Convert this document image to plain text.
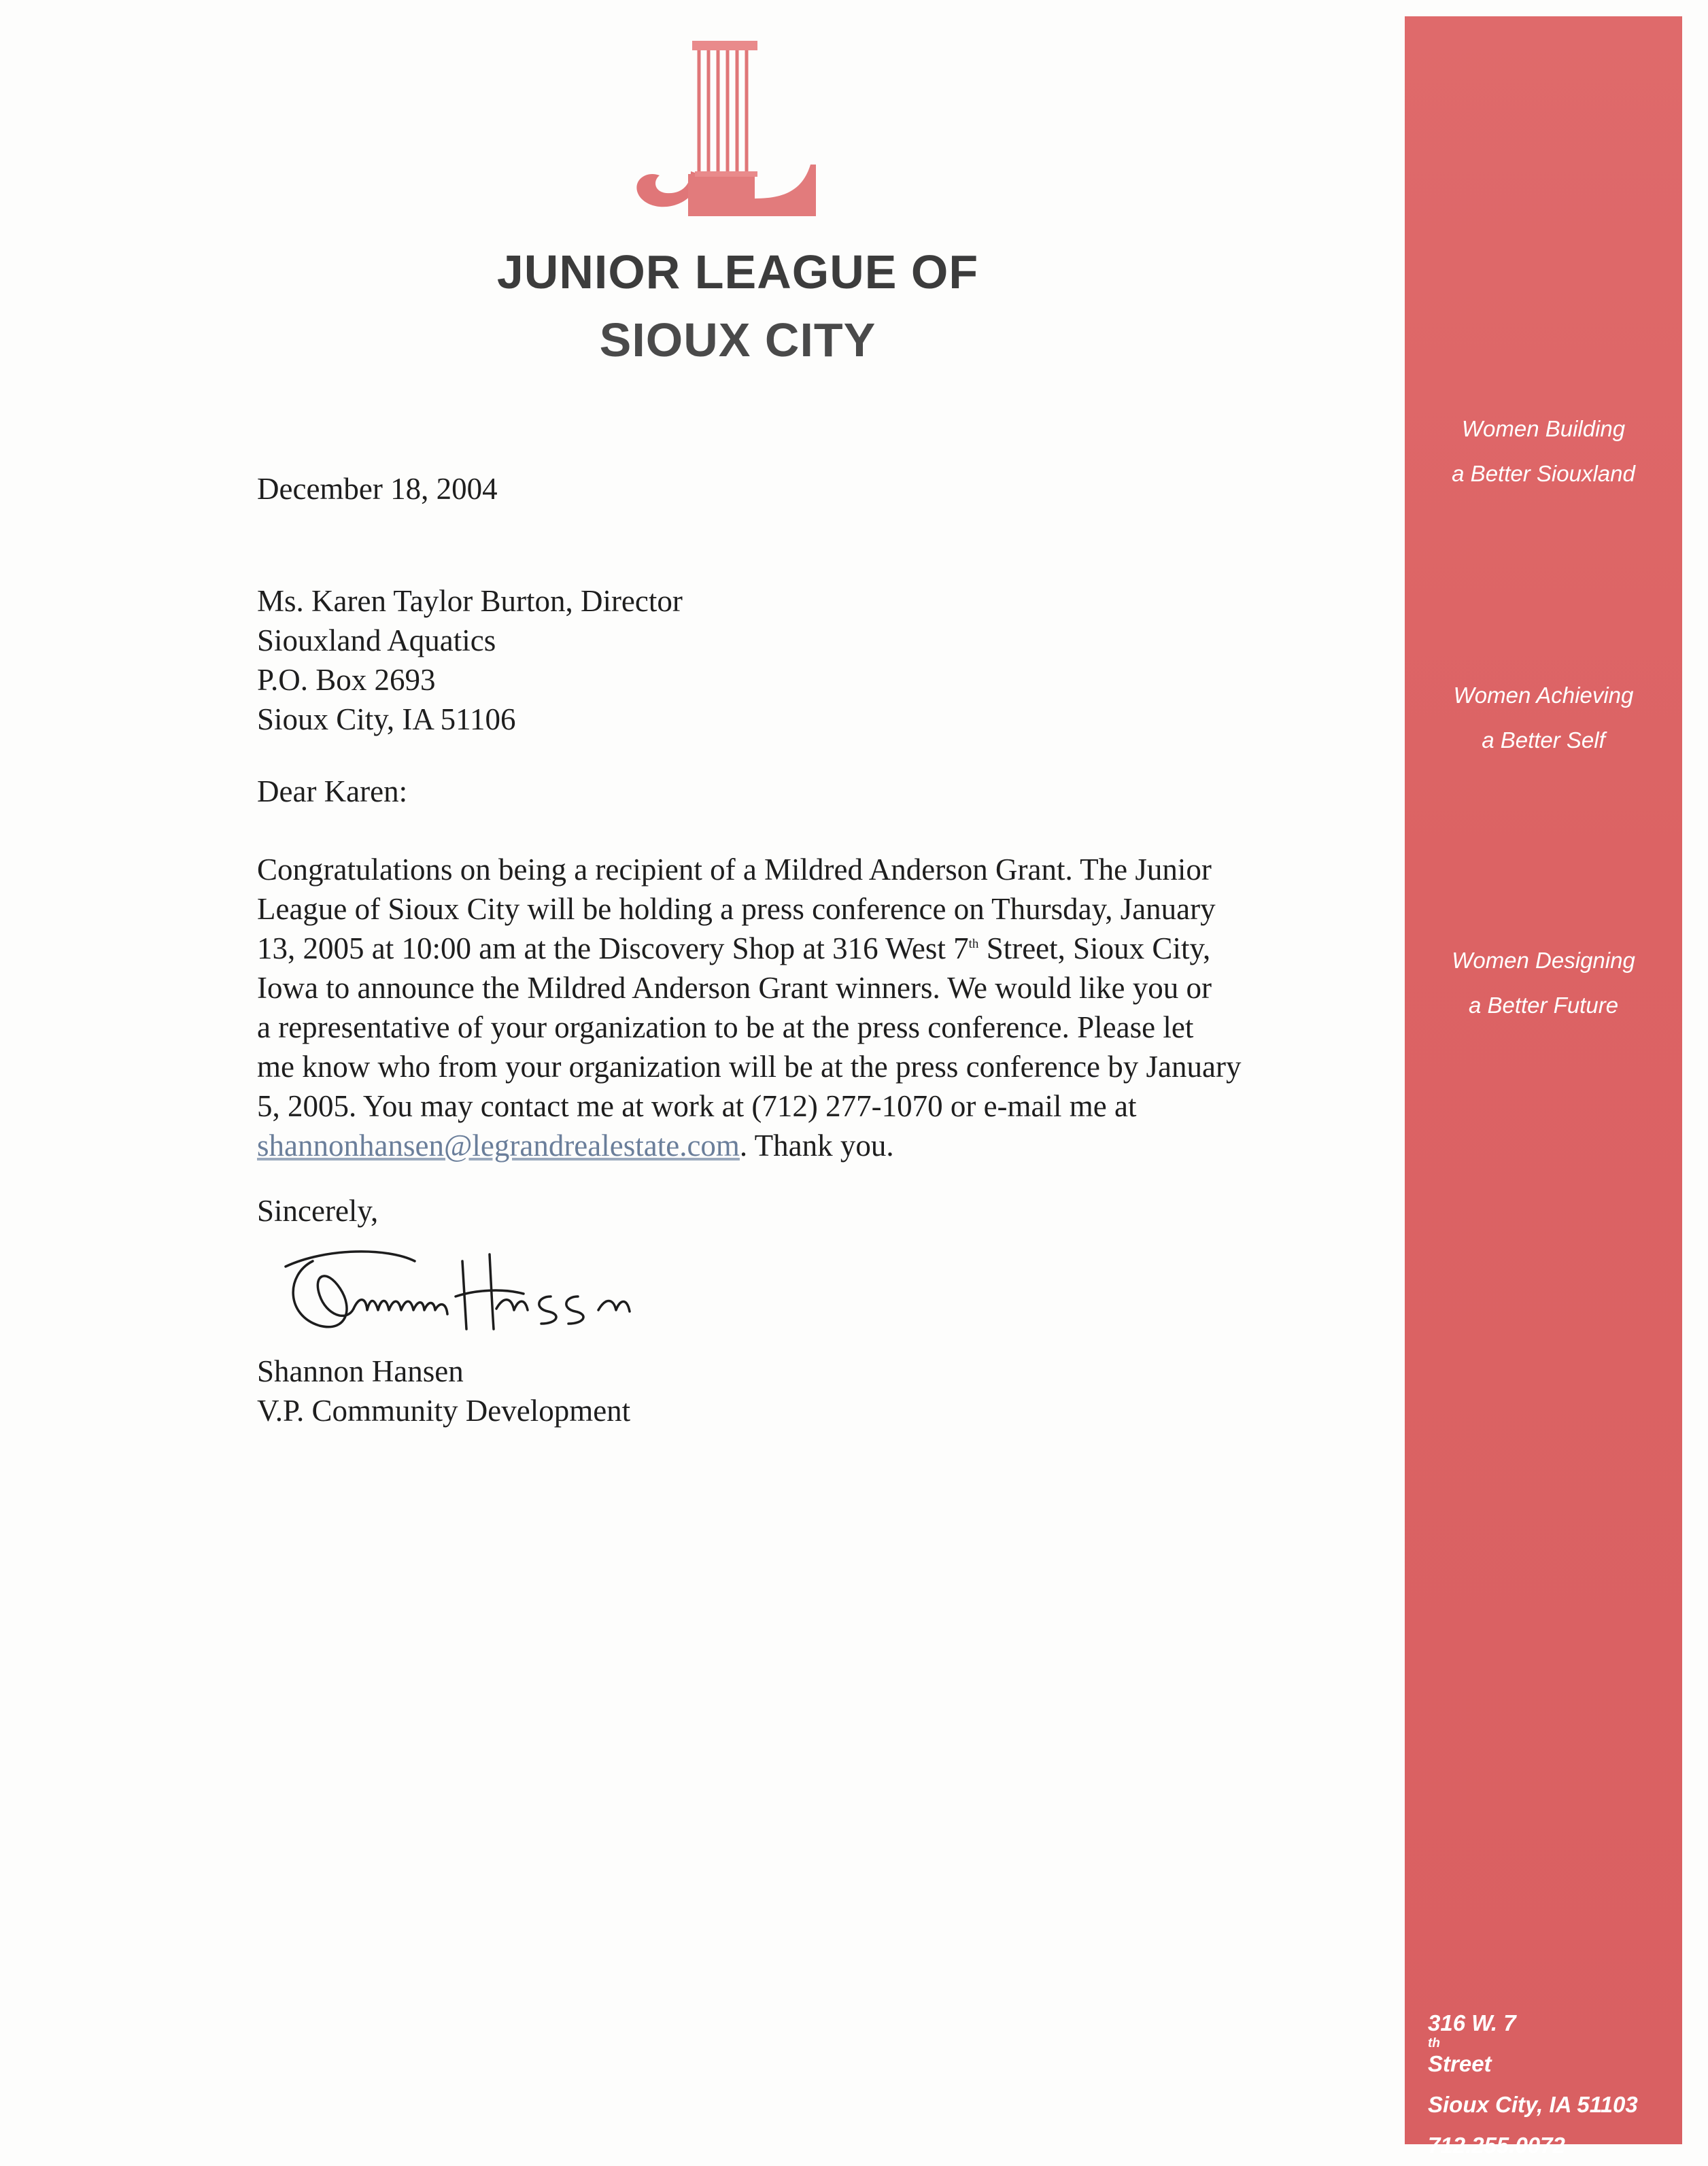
JUNIOR LEAGUE OF
SIOUX CITY
Women Building
a Better Siouxland
Women Achieving
a Better Self
Women Designing
a Better Future
316 W. 7
th
Street
Sioux City, IA 51103
712.255.0072
December 18, 2004
Ms. Karen Taylor Burton, Director
Siouxland Aquatics
P.O. Box 2693
Sioux City, IA 51106
Dear Karen:
Congratulations on being a recipient of a Mildred Anderson Grant. The Junior
League of Sioux City will be holding a press conference on Thursday, January
13, 2005 at 10:00 am at the Discovery Shop at 316 West 7th Street, Sioux City,
Iowa to announce the Mildred Anderson Grant winners. We would like you or
a representative of your organization to be at the press conference. Please let
me know who from your organization will be at the press conference by January
5, 2005. You may contact me at work at (712) 277-1070 or e-mail me at
shannonhansen@legrandrealestate.com. Thank you.
Sincerely,
Shannon Hansen
V.P. Community Development
